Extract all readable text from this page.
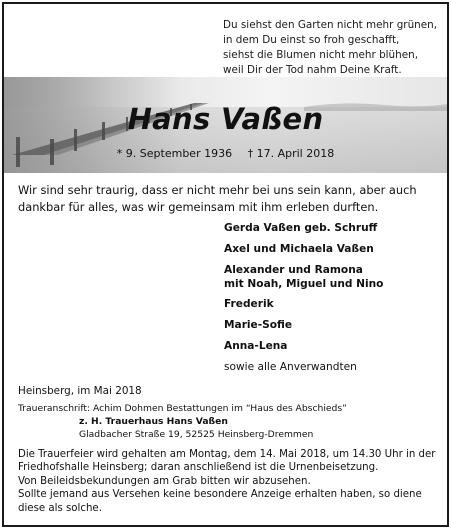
Du siehst den Garten nicht mehr grünen,
in dem Du einst so froh geschafft,
siehst die Blumen nicht mehr blühen,
weil Dir der Tod nahm Deine Kraft.
Hans Vaßen
* 9. September 1936 † 17. April 2018
Wir sind sehr traurig, dass er nicht mehr bei uns sein kann, aber auch
dankbar für alles, was wir gemeinsam mit ihm erleben durften.
Gerda Vaßen geb. Schruff
Axel und Michaela Vaßen
Alexander und Ramona
mit Noah, Miguel und Nino
Frederik
Marie-Sofie
Anna-Lena
sowie alle Anverwandten
Heinsberg, im Mai 2018
Traueranschrift: Achim Dohmen Bestattungen im “Haus des Abschieds”
z. H. Trauerhaus Hans Vaßen
Gladbacher Straße 19, 52525 Heinsberg-Dremmen
Die Trauerfeier wird gehalten am Montag, dem 14. Mai 2018, um 14.30 Uhr in der
Friedhofshalle Heinsberg; daran anschließend ist die Urnenbeisetzung.
Von Beileidsbekundungen am Grab bitten wir abzusehen.
Sollte jemand aus Versehen keine besondere Anzeige erhalten haben, so diene
diese als solche.
